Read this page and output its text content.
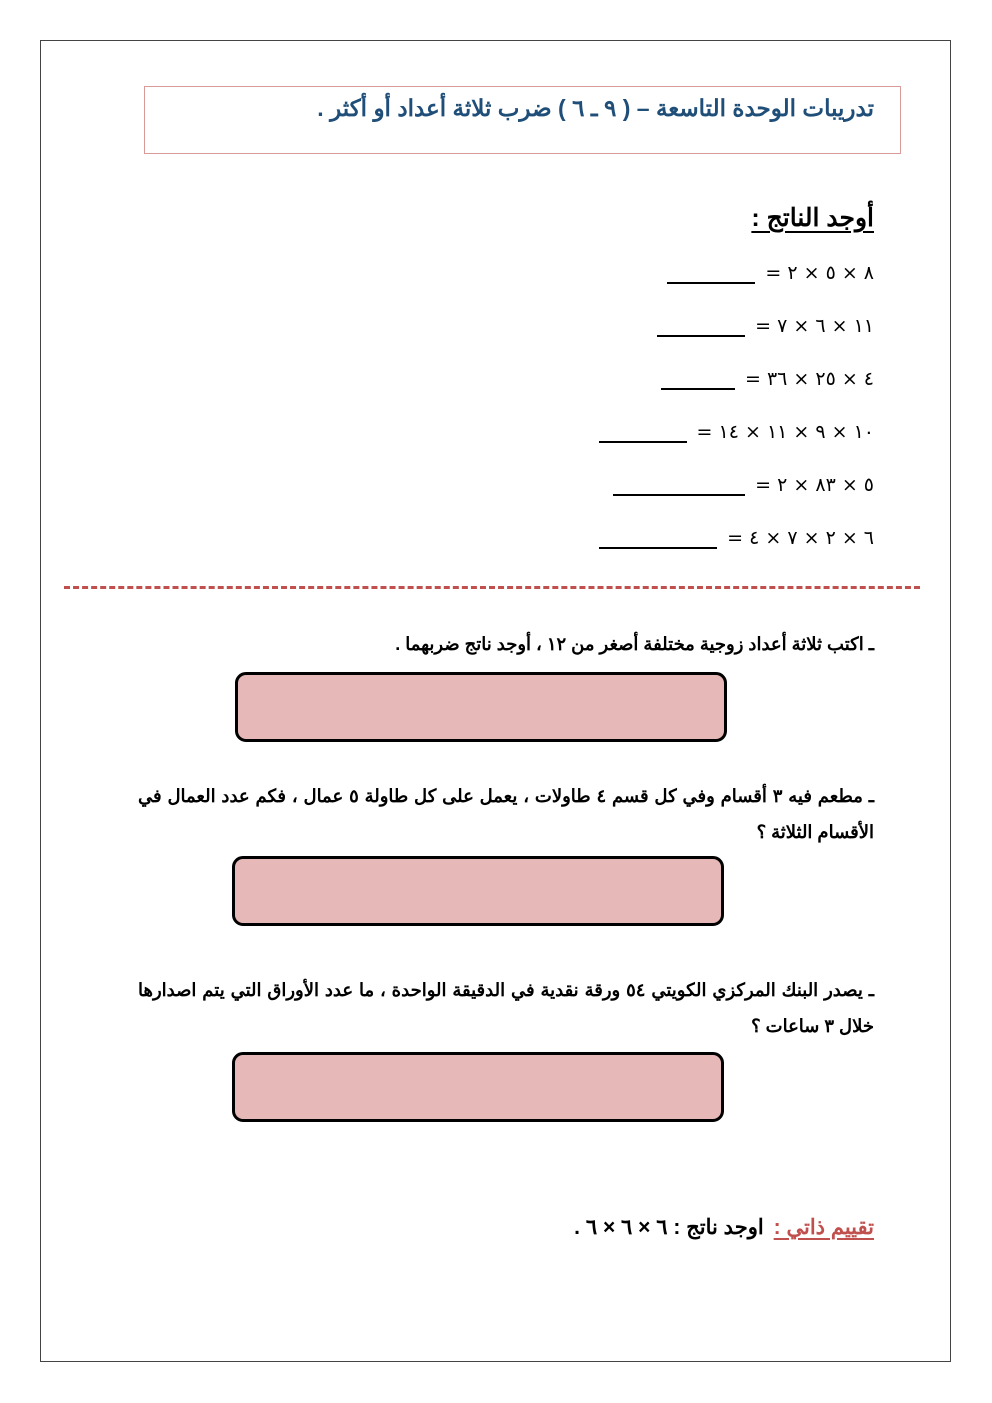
تدريبات الوحدة التاسعة – ( ٩ ـ ٦ ) ضرب ثلاثة أعداد أو أكثر .
أوجد الناتج :
٨ × ٥ × ٢ =
١١ × ٦ × ٧ =
٤ × ٢٥ × ٣٦ =
١٠ × ٩ × ١١ × ١٤ =
٥ × ٨٣ × ٢ =
٦ × ٢ × ٧ × ٤ =
ـ اكتب ثلاثة أعداد زوجية مختلفة أصغر من ١٢ ، أوجد ناتج ضربهما .
ـ مطعم فيه ٣ أقسام وفي كل قسم ٤ طاولات ، يعمل على كل طاولة ٥ عمال ، فكم عدد العمال في الأقسام الثلاثة ؟
ـ يصدر البنك المركزي الكويتي ٥٤ ورقة نقدية في الدقيقة الواحدة ، ما عدد الأوراق التي يتم اصدارها خلال ٣ ساعات ؟
تقييم ذاتي :اوجد ناتج : ٦ × ٦ × ٦ .
